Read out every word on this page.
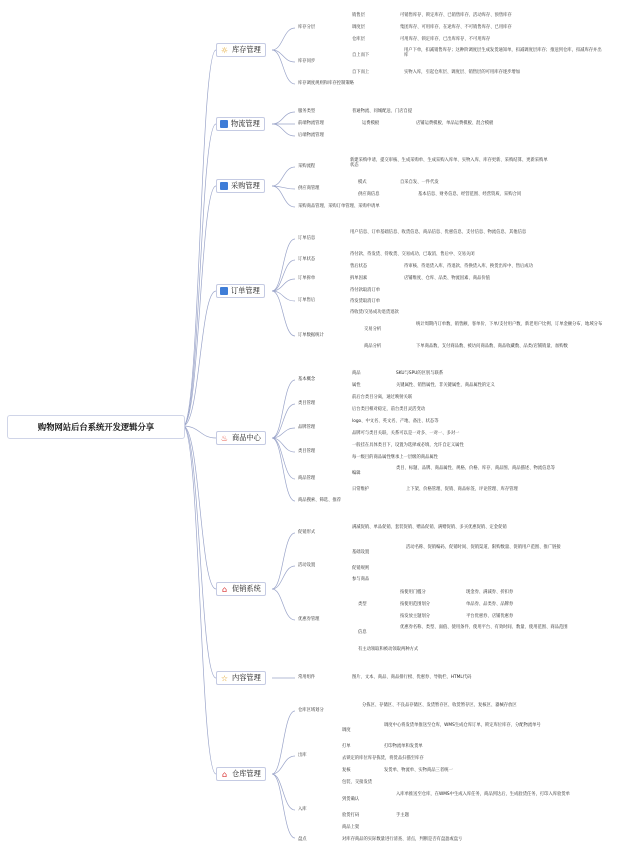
购物网站后台系统开发逻辑分享
☼ 库存管理
物流管理
采购管理
订单管理
♨ 商品中心
⌂ 促销系统
☆ 内容管理
⌂ 仓库管理
库存分层
销售层	可销售库存、锁定库存、已销售库存、活动库存、预售库存
调度层	集团库存、可用库存、在途库存、不可销售库存、已用库存
仓库层	可用库存、锁定库存、已出库库存、不可用库存
库存同步
自上而下
用户下单，扣减销售库存；这种阶调度层生成发货通知单，扣减调度层库存；推送到仓库，扣减库存并出库
自下而上	实物入库，引起仓库层、调度层、销售层的可用库存逐步增加
库存调度规则和库存控制策略
服务类型	普通物流、同城配送、门店自提
前端物流管理	运费模板	店铺运费模板、单品运费模板、混合模板
后端物流管理
采购流程
新建采购申请、提交审核、生成采购单、生成采购入库单、实物入库、库存更新、采购结算、更新采购单状态
供应商管理
模式	自采自发、一件代发
供应商信息	基本信息、财务信息、经营范围、经营资质、采购合同
采购商品管理、采购订单管理、采购申请单
订单信息
用户信息、订单基础信息、收货信息、商品信息、优惠信息、支付信息、物流信息、其他信息
订单状态
待付款、待发货、待收货、交易成功、已取消、售后中、交易关闭
售后状态	待审核、待退货入库、待退款、待换货入库、换货出库中、售后成功
订单拆单	拆单因素	店铺维度、仓库、品类、物流因素、商品价值
订单售后
待付款取消订单
待发货取消订单
待收货/交易成功退货退款
订单数据统计
交易分析
统计周期内订单数、销售额、客单价、下单/支付用户数、新老用户比例、订单金额分布、地域分布
商品分析	下单商品数、支付商品数、被访问商品数、商品收藏数、品类/店铺销量、加购数
基本概念
商品	SKU与SPU的区别与联系
属性	关键属性、销售属性、非关键属性、商品属性的定义
类目管理
前后台类目分离，通过映射关联
后台类目相对稳定，前台类目灵活变动
品牌管理
logo、中文名、英文名、产地、备注、状态等
品牌可与类目关联，关系可以是一对多、一对一、多对一
类目管理
一般挂在具体类目下，设置为选择或必填，允许自定义属性
每一级目的商品属性继承上一层级的商品属性
商品管理
编辑
类目、标题、品牌、商品属性、规格、价格、库存、商品图、商品描述、物流信息等
日常维护	上下架、价格管理、促销、商品标签、评论管理、库存管理
商品搜索、筛选、推荐
促销形式
满减促销、单品促销、套装促销、赠品促销、满赠促销、多买优惠促销、定金促销
活动设置
基础设置
活动名称、促销编码、促销时间、促销渠道、限购数量、促销用户范围、推广链接
促销规则
参与商品
优惠券管理
类型
按使用门槛分	现金券、满减券、折扣券
按使用范围划分	单品券、品类券、品牌券
按发放主题划分	平台优惠券、店铺优惠券
信息
优惠券名称、类型、面值、使用条件、使用平台、有效时间、数量、使用范围、商品范围
有主动领取和被动领取两种方式
常用组件	图片、文本、商品、商品排行榜、优惠券、导航栏、HTML代码
仓库区域划分
分拣区、存储区、不良品存储区、发货暂存区、收货暂存区、复核区、器械存放区
出库
调度
调度中心将发货单推送至仓库，WMS生成仓库订单，锁定库位库存、分配物流单号
打单	打印物流单和发货单
去锁定的库位库存拣货，将货品扫描至库存
复核	发货单、物流单、实物商品三者统一
包装、交接发货
入库
到货确认
入库单推送至仓库，在WMS中生成入库任务，商品到达后，生成验货任务，打印入库验货单
验货打码	手主题
商品上架
盘点	对库存商品的实际数量进行清查、清点，判断是否有盘盈或盘亏
